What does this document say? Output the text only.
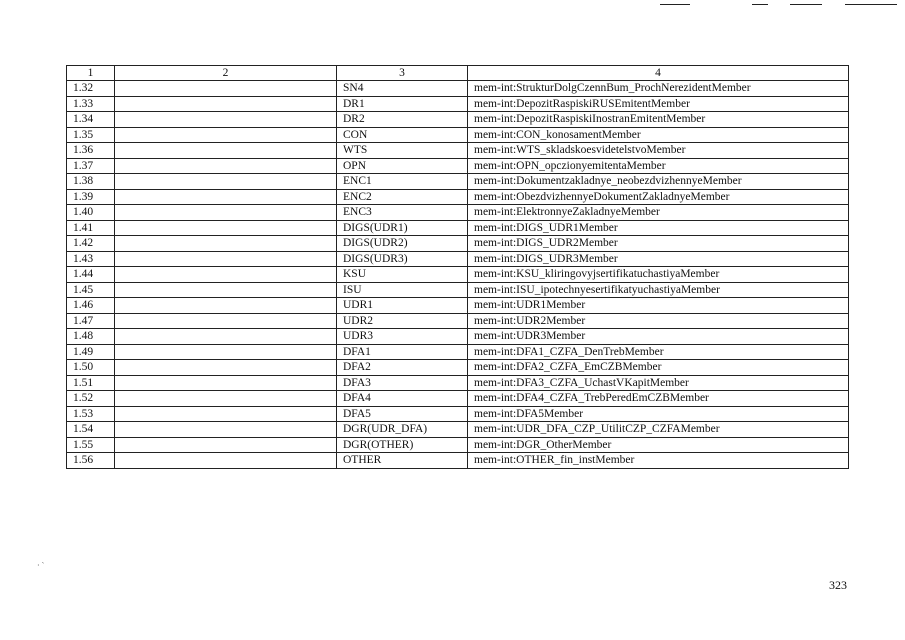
1	2	3	4
1.32		SN4	mem-int:StrukturDolgCzennBum_ProchNerezidentMember
1.33		DR1	mem-int:DepozitRaspiskiRUSEmitentMember
1.34		DR2	mem-int:DepozitRaspiskiInostranEmitentMember
1.35		CON	mem-int:CON_konosamentMember
1.36		WTS	mem-int:WTS_skladskoesvidetelstvoMember
1.37		OPN	mem-int:OPN_opczionyemitentaMember
1.38		ENC1	mem-int:Dokumentzakladnye_neobezdvizhennyeMember
1.39		ENC2	mem-int:ObezdvizhennyeDokumentZakladnyeMember
1.40		ENC3	mem-int:ElektronnyeZakladnyeMember
1.41		DIGS(UDR1)	mem-int:DIGS_UDR1Member
1.42		DIGS(UDR2)	mem-int:DIGS_UDR2Member
1.43		DIGS(UDR3)	mem-int:DIGS_UDR3Member
1.44		KSU	mem-int:KSU_kliringovyjsertifikatuchastiyaMember
1.45		ISU	mem-int:ISU_ipotechnyesertifikatyuchastiyaMember
1.46		UDR1	mem-int:UDR1Member
1.47		UDR2	mem-int:UDR2Member
1.48		UDR3	mem-int:UDR3Member
1.49		DFA1	mem-int:DFA1_CZFA_DenTrebMember
1.50		DFA2	mem-int:DFA2_CZFA_EmCZBMember
1.51		DFA3	mem-int:DFA3_CZFA_UchastVKapitMember
1.52		DFA4	mem-int:DFA4_CZFA_TrebPeredEmCZBMember
1.53		DFA5	mem-int:DFA5Member
1.54		DGR(UDR_DFA)	mem-int:UDR_DFA_CZP_UtilitCZP_CZFAMember
1.55		DGR(OTHER)	mem-int:DGR_OtherMember
1.56		OTHER	mem-int:OTHER_fin_instMember
· ˋ
323
